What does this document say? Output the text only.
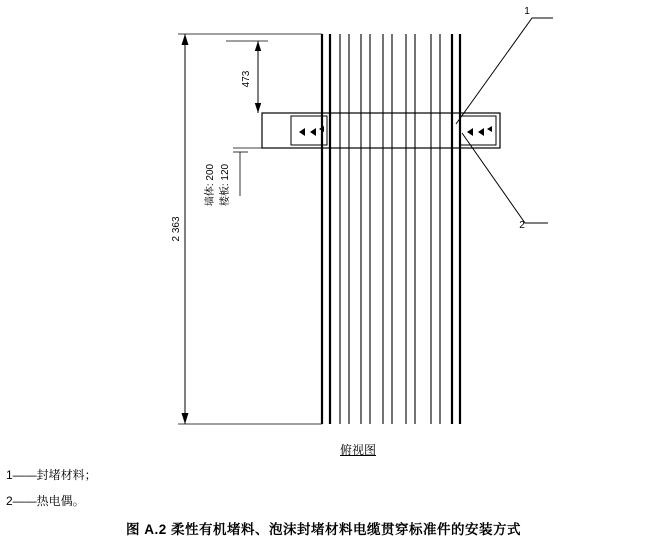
1
2
2 363
473
墙体: 200 楼板: 120
俯视图
1——封堵材料；
2——热电偶。
图 A.2 柔性有机堵料、泡沫封堵材料电缆贯穿标准件的安装方式
